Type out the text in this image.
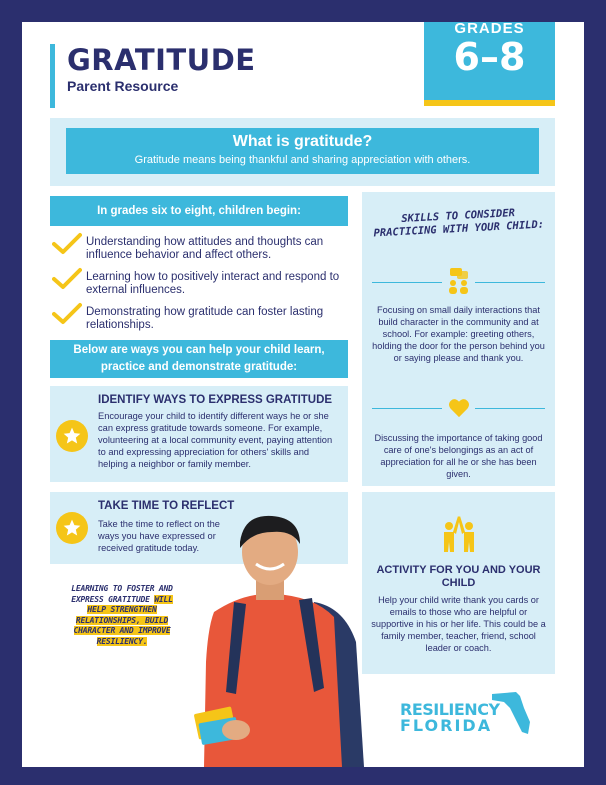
GRATITUDE
Parent Resource
GRADES
6–8
What is gratitude?
Gratitude means being thankful and sharing appreciation with others.
In grades six to eight, children begin:
Understanding how attitudes and thoughts can influence behavior and affect others.
Learning how to positively interact and respond to external influences.
Demonstrating how gratitude can foster lasting relationships.
Below are ways you can help your child learn, practice and demonstrate gratitude:
IDENTIFY WAYS TO EXPRESS GRATITUDE
Encourage your child to identify different ways he or she can express gratitude towards someone. For example, volunteering at a local community event, paying attention to and expressing appreciation for others' skills and helping a neighbor or family member.
TAKE TIME TO REFLECT
Take the time to reflect on the ways you have expressed or received gratitude today.
LEARNING TO FOSTER AND EXPRESS GRATITUDE WILL HELP STRENGTHEN RELATIONSHIPS, BUILD CHARACTER AND IMPROVE RESILIENCY.
SKILLS TO CONSIDER PRACTICING WITH YOUR CHILD:
Focusing on small daily interactions that build character in the community and at school. For example: greeting others, holding the door for the person behind you or saying please and thank you.
Discussing the importance of taking good care of one's belongings as an act of appreciation for all he or she has been given.
ACTIVITY FOR YOU AND YOUR CHILD
Help your child write thank you cards or emails to those who are helpful or supportive in his or her life. This could be a family member, teacher, friend, school leader or coach.
RESILIENCY
FLORIDA
